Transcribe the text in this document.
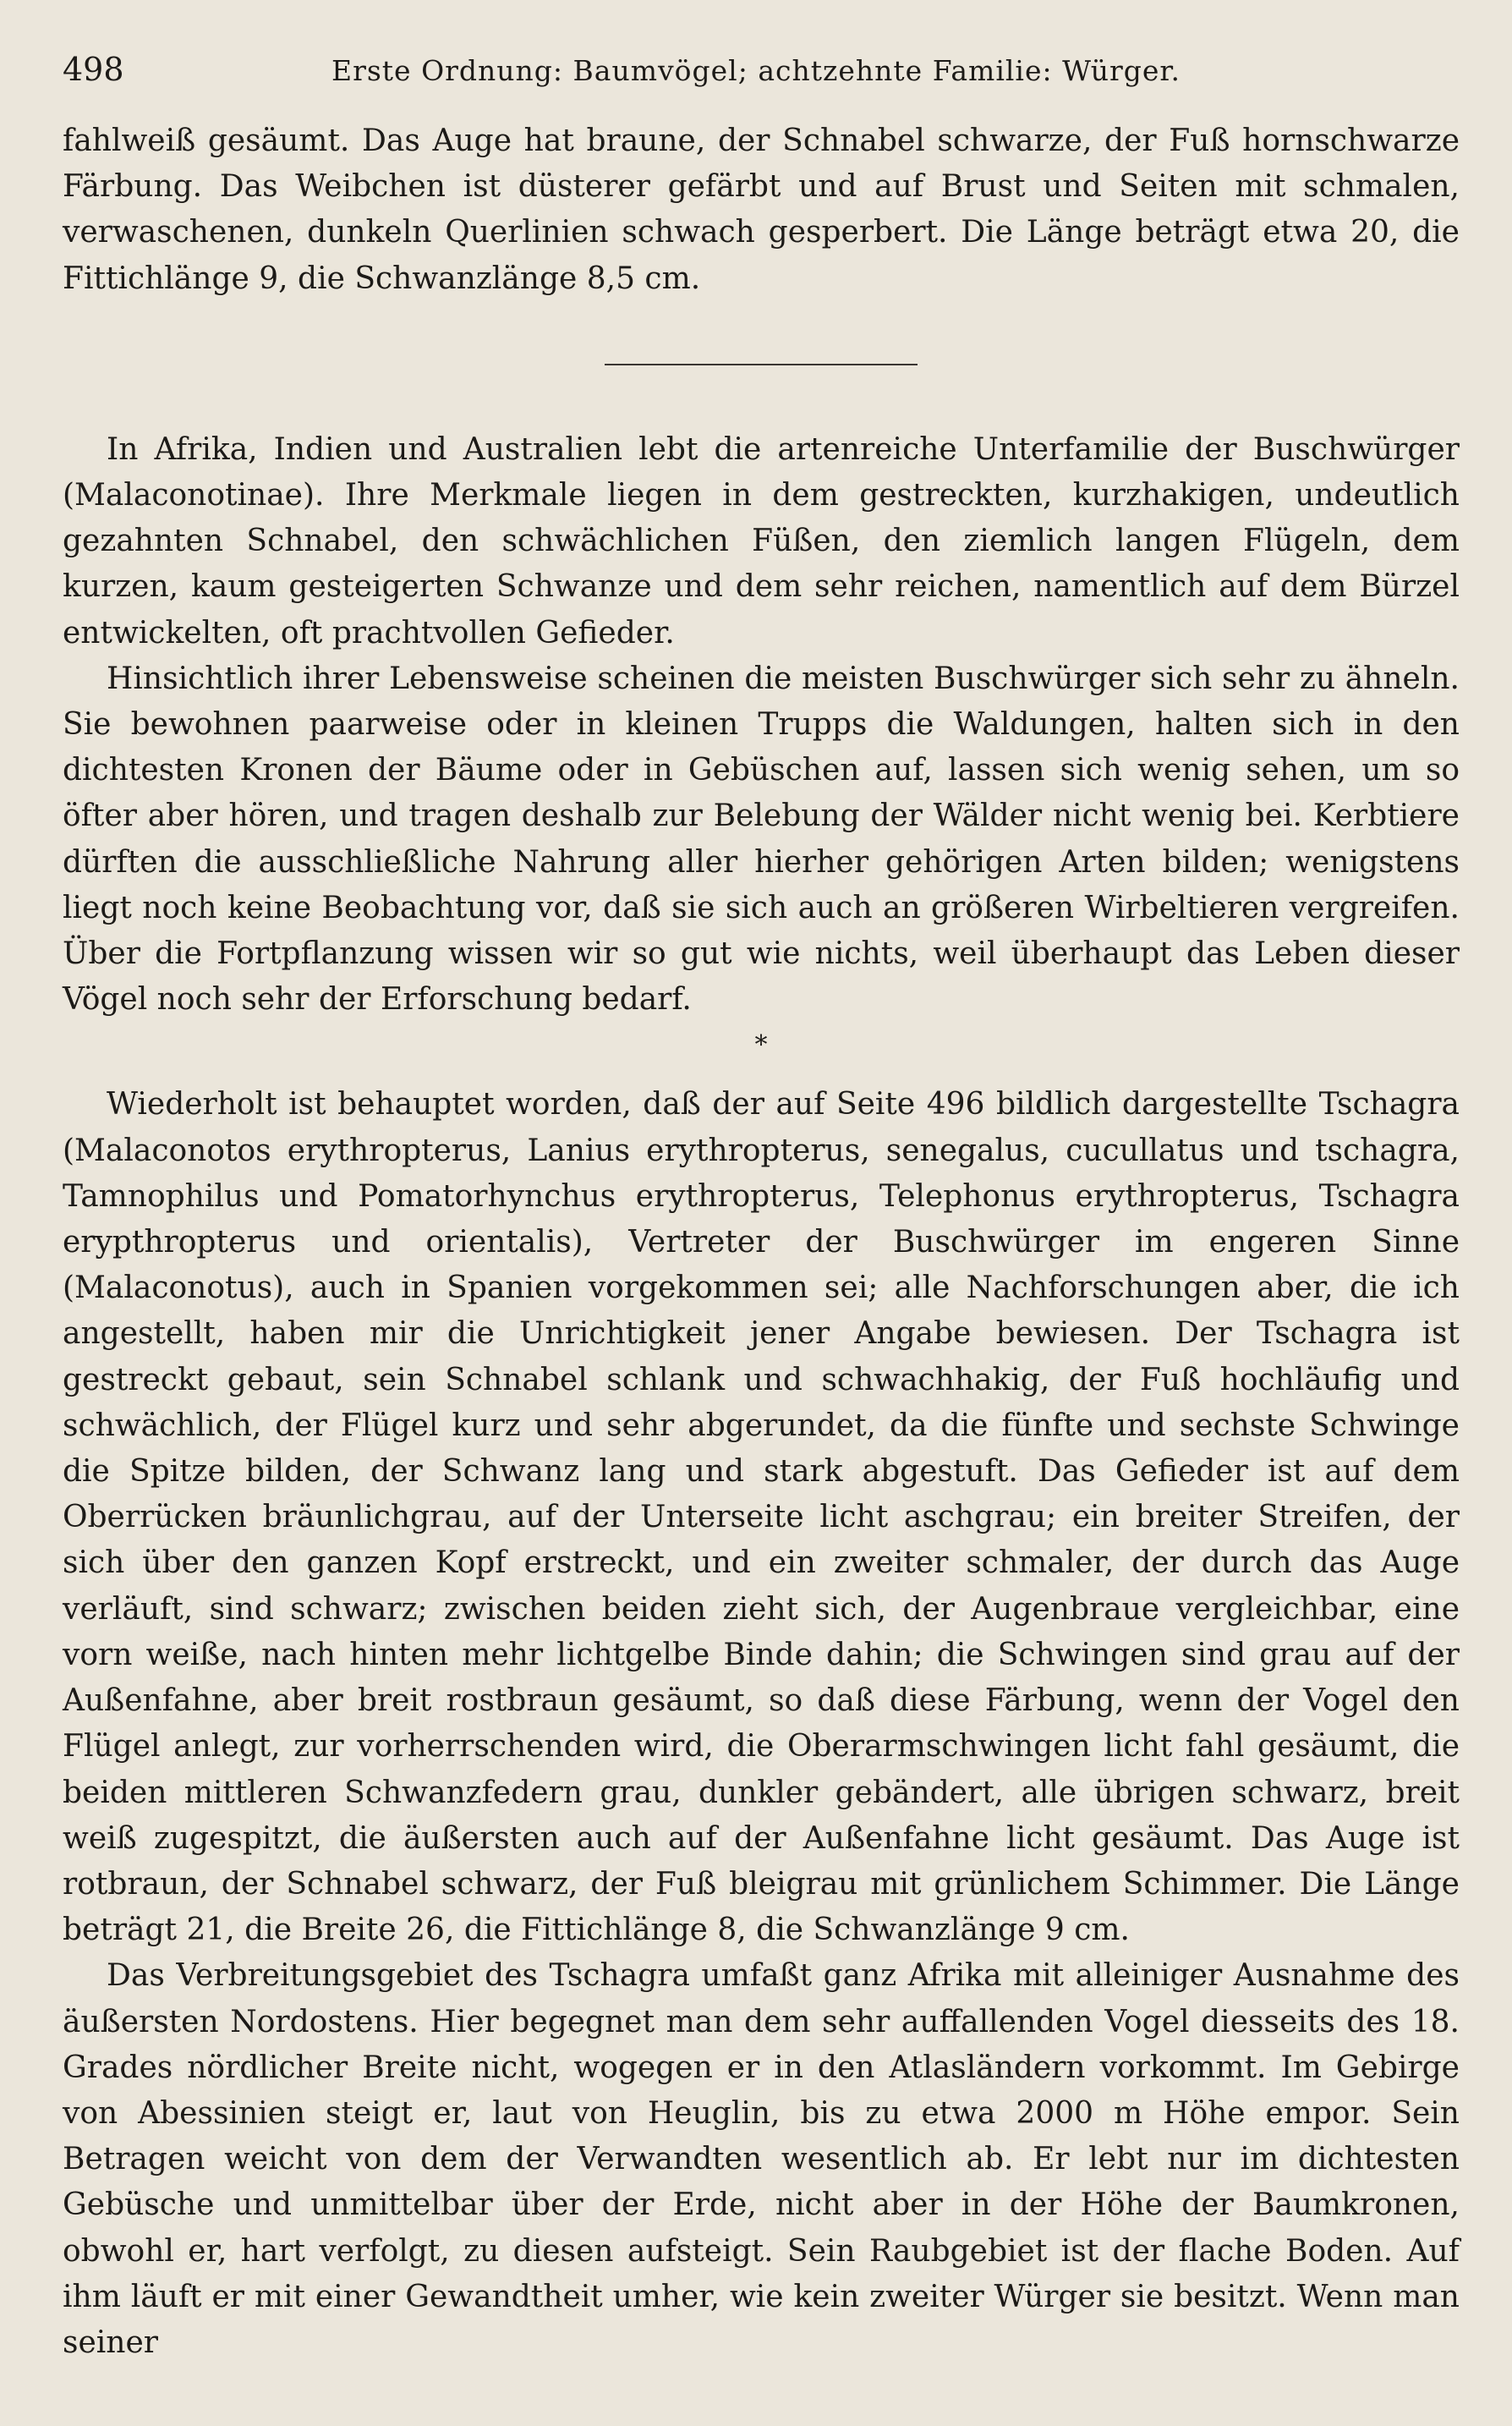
498	Erste Ordnung: Baumvögel; achtzehnte Familie: Würger.

fahlweiß gesäumt. Das Auge hat braune, der Schnabel schwarze, der Fuß hornschwarze Färbung. Das Weibchen ist düsterer gefärbt und auf Brust und Seiten mit schmalen, verwaschenen, dunkeln Querlinien schwach gesperbert. Die Länge beträgt etwa 20, die Fittichlänge 9, die Schwanzlänge 8,5 cm.

In Afrika, Indien und Australien lebt die artenreiche Unterfamilie der Buschwürger (Malaconotinae). Ihre Merkmale liegen in dem gestreckten, kurzhakigen, undeutlich gezahnten Schnabel, den schwächlichen Füßen, den ziemlich langen Flügeln, dem kurzen, kaum gesteigerten Schwanze und dem sehr reichen, namentlich auf dem Bürzel entwickelten, oft prachtvollen Gefieder.

Hinsichtlich ihrer Lebensweise scheinen die meisten Buschwürger sich sehr zu ähneln. Sie bewohnen paarweise oder in kleinen Trupps die Waldungen, halten sich in den dichtesten Kronen der Bäume oder in Gebüschen auf, lassen sich wenig sehen, um so öfter aber hören, und tragen deshalb zur Belebung der Wälder nicht wenig bei. Kerbtiere dürften die ausschließliche Nahrung aller hierher gehörigen Arten bilden; wenigstens liegt noch keine Beobachtung vor, daß sie sich auch an größeren Wirbeltieren vergreifen. Über die Fortpflanzung wissen wir so gut wie nichts, weil überhaupt das Leben dieser Vögel noch sehr der Erforschung bedarf.

*

Wiederholt ist behauptet worden, daß der auf Seite 496 bildlich dargestellte Tschagra (Malaconotos erythropterus, Lanius erythropterus, senegalus, cucullatus und tschagra, Tamnophilus und Pomatorhynchus erythropterus, Telephonus erythropterus, Tschagra erypthropterus und orientalis), Vertreter der Buschwürger im engeren Sinne (Malaconotus), auch in Spanien vorgekommen sei; alle Nachforschungen aber, die ich angestellt, haben mir die Unrichtigkeit jener Angabe bewiesen. Der Tschagra ist gestreckt gebaut, sein Schnabel schlank und schwachhakig, der Fuß hochläufig und schwächlich, der Flügel kurz und sehr abgerundet, da die fünfte und sechste Schwinge die Spitze bilden, der Schwanz lang und stark abgestuft. Das Gefieder ist auf dem Oberrücken bräunlichgrau, auf der Unterseite licht aschgrau; ein breiter Streifen, der sich über den ganzen Kopf erstreckt, und ein zweiter schmaler, der durch das Auge verläuft, sind schwarz; zwischen beiden zieht sich, der Augenbraue vergleichbar, eine vorn weiße, nach hinten mehr lichtgelbe Binde dahin; die Schwingen sind grau auf der Außenfahne, aber breit rostbraun gesäumt, so daß diese Färbung, wenn der Vogel den Flügel anlegt, zur vorherrschenden wird, die Oberarmschwingen licht fahl gesäumt, die beiden mittleren Schwanzfedern grau, dunkler gebändert, alle übrigen schwarz, breit weiß zugespitzt, die äußersten auch auf der Außenfahne licht gesäumt. Das Auge ist rotbraun, der Schnabel schwarz, der Fuß bleigrau mit grünlichem Schimmer. Die Länge beträgt 21, die Breite 26, die Fittichlänge 8, die Schwanzlänge 9 cm.

Das Verbreitungsgebiet des Tschagra umfaßt ganz Afrika mit alleiniger Ausnahme des äußersten Nordostens. Hier begegnet man dem sehr auffallenden Vogel diesseits des 18. Grades nördlicher Breite nicht, wogegen er in den Atlasländern vorkommt. Im Gebirge von Abessinien steigt er, laut von Heuglin, bis zu etwa 2000 m Höhe empor. Sein Betragen weicht von dem der Verwandten wesentlich ab. Er lebt nur im dichtesten Gebüsche und unmittelbar über der Erde, nicht aber in der Höhe der Baumkronen, obwohl er, hart verfolgt, zu diesen aufsteigt. Sein Raubgebiet ist der flache Boden. Auf ihm läuft er mit einer Gewandtheit umher, wie kein zweiter Würger sie besitzt. Wenn man seiner
